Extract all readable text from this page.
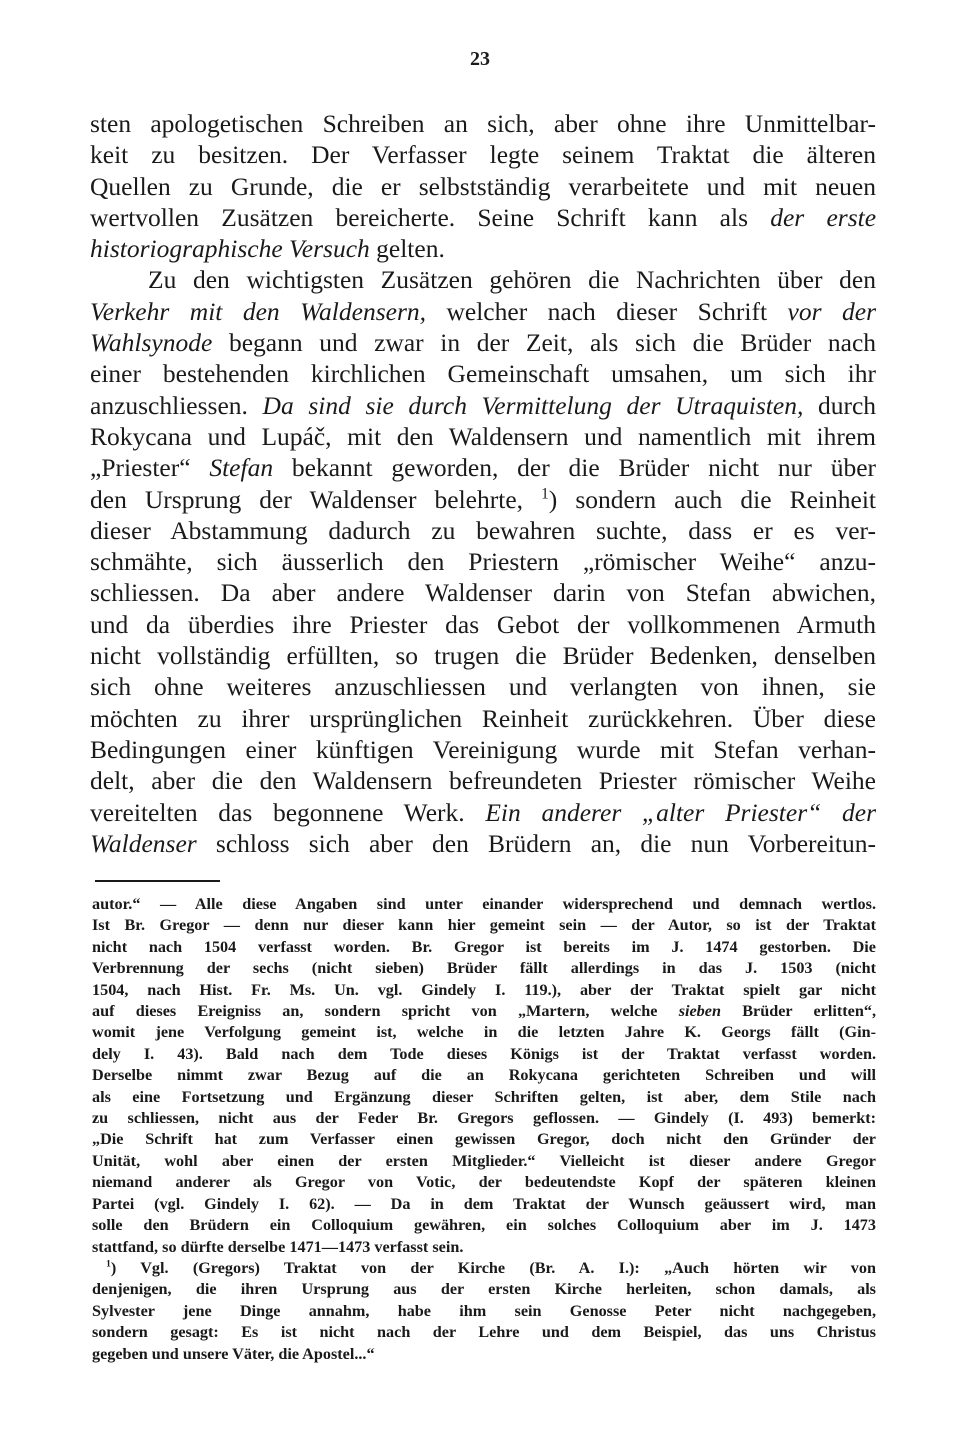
23
sten apologetischen Schreiben an sich, aber ohne ihre Unmittelbar-
keit zu besitzen. Der Verfasser legte seinem Traktat die älteren
Quellen zu Grunde, die er selbstständig verarbeitete und mit neuen
wertvollen Zusätzen bereicherte. Seine Schrift kann als der erste
historiographische Versuch gelten.
Zu den wichtigsten Zusätzen gehören die Nachrichten über den
Verkehr mit den Waldensern, welcher nach dieser Schrift vor der
Wahlsynode begann und zwar in der Zeit, als sich die Brüder nach
einer bestehenden kirchlichen Gemeinschaft umsahen, um sich ihr
anzuschliessen. Da sind sie durch Vermittelung der Utraquisten, durch
Rokycana und Lupáč, mit den Waldensern und namentlich mit ihrem
„Priester“ Stefan bekannt geworden, der die Brüder nicht nur über
den Ursprung der Waldenser belehrte, $^1$) sondern auch die Reinheit
dieser Abstammung dadurch zu bewahren suchte, dass er es ver-
schmähte, sich äusserlich den Priestern „römischer Weihe“ anzu-
schliessen. Da aber andere Waldenser darin von Stefan abwichen,
und da überdies ihre Priester das Gebot der vollkommenen Armuth
nicht vollständig erfüllten, so trugen die Brüder Bedenken, denselben
sich ohne weiteres anzuschliessen und verlangten von ihnen, sie
möchten zu ihrer ursprünglichen Reinheit zurückkehren. Über diese
Bedingungen einer künftigen Vereinigung wurde mit Stefan verhan-
delt, aber die den Waldensern befreundeten Priester römischer Weihe
vereitelten das begonnene Werk. Ein anderer „alter Priester“ der
Waldenser schloss sich aber den Brüdern an, die nun Vorbereitun-
autor.“ — Alle diese Angaben sind unter einander widersprechend und demnach wertlos.
Ist Br. Gregor — denn nur dieser kann hier gemeint sein — der Autor, so ist der Traktat
nicht nach 1504 verfasst worden. Br. Gregor ist bereits im J. 1474 gestorben. Die
Verbrennung der sechs (nicht sieben) Brüder fällt allerdings in das J. 1503 (nicht
1504, nach Hist. Fr. Ms. Un. vgl. Gindely I. 119.), aber der Traktat spielt gar nicht
auf dieses Ereigniss an, sondern spricht von „Martern, welche sieben Brüder erlitten“,
womit jene Verfolgung gemeint ist, welche in die letzten Jahre K. Georgs fällt (Gin-
dely I. 43). Bald nach dem Tode dieses Königs ist der Traktat verfasst worden.
Derselbe nimmt zwar Bezug auf die an Rokycana gerichteten Schreiben und will
als eine Fortsetzung und Ergänzung dieser Schriften gelten, ist aber, dem Stile nach
zu schliessen, nicht aus der Feder Br. Gregors geflossen. — Gindely (I. 493) bemerkt:
„Die Schrift hat zum Verfasser einen gewissen Gregor, doch nicht den Gründer der
Unität, wohl aber einen der ersten Mitglieder.“ Vielleicht ist dieser andere Gregor
niemand anderer als Gregor von Votic, der bedeutendste Kopf der späteren kleinen
Partei (vgl. Gindely I. 62). — Da in dem Traktat der Wunsch geäussert wird, man
solle den Brüdern ein Colloquium gewähren, ein solches Colloquium aber im J. 1473
stattfand, so dürfte derselbe 1471—1473 verfasst sein.
$^1$) Vgl. (Gregors) Traktat von der Kirche (Br. A. I.): „Auch hörten wir von
denjenigen, die ihren Ursprung aus der ersten Kirche herleiten, schon damals, als
Sylvester jene Dinge annahm, habe ihm sein Genosse Peter nicht nachgegeben,
sondern gesagt: Es ist nicht nach der Lehre und dem Beispiel, das uns Christus
gegeben und unsere Väter, die Apostel...“
